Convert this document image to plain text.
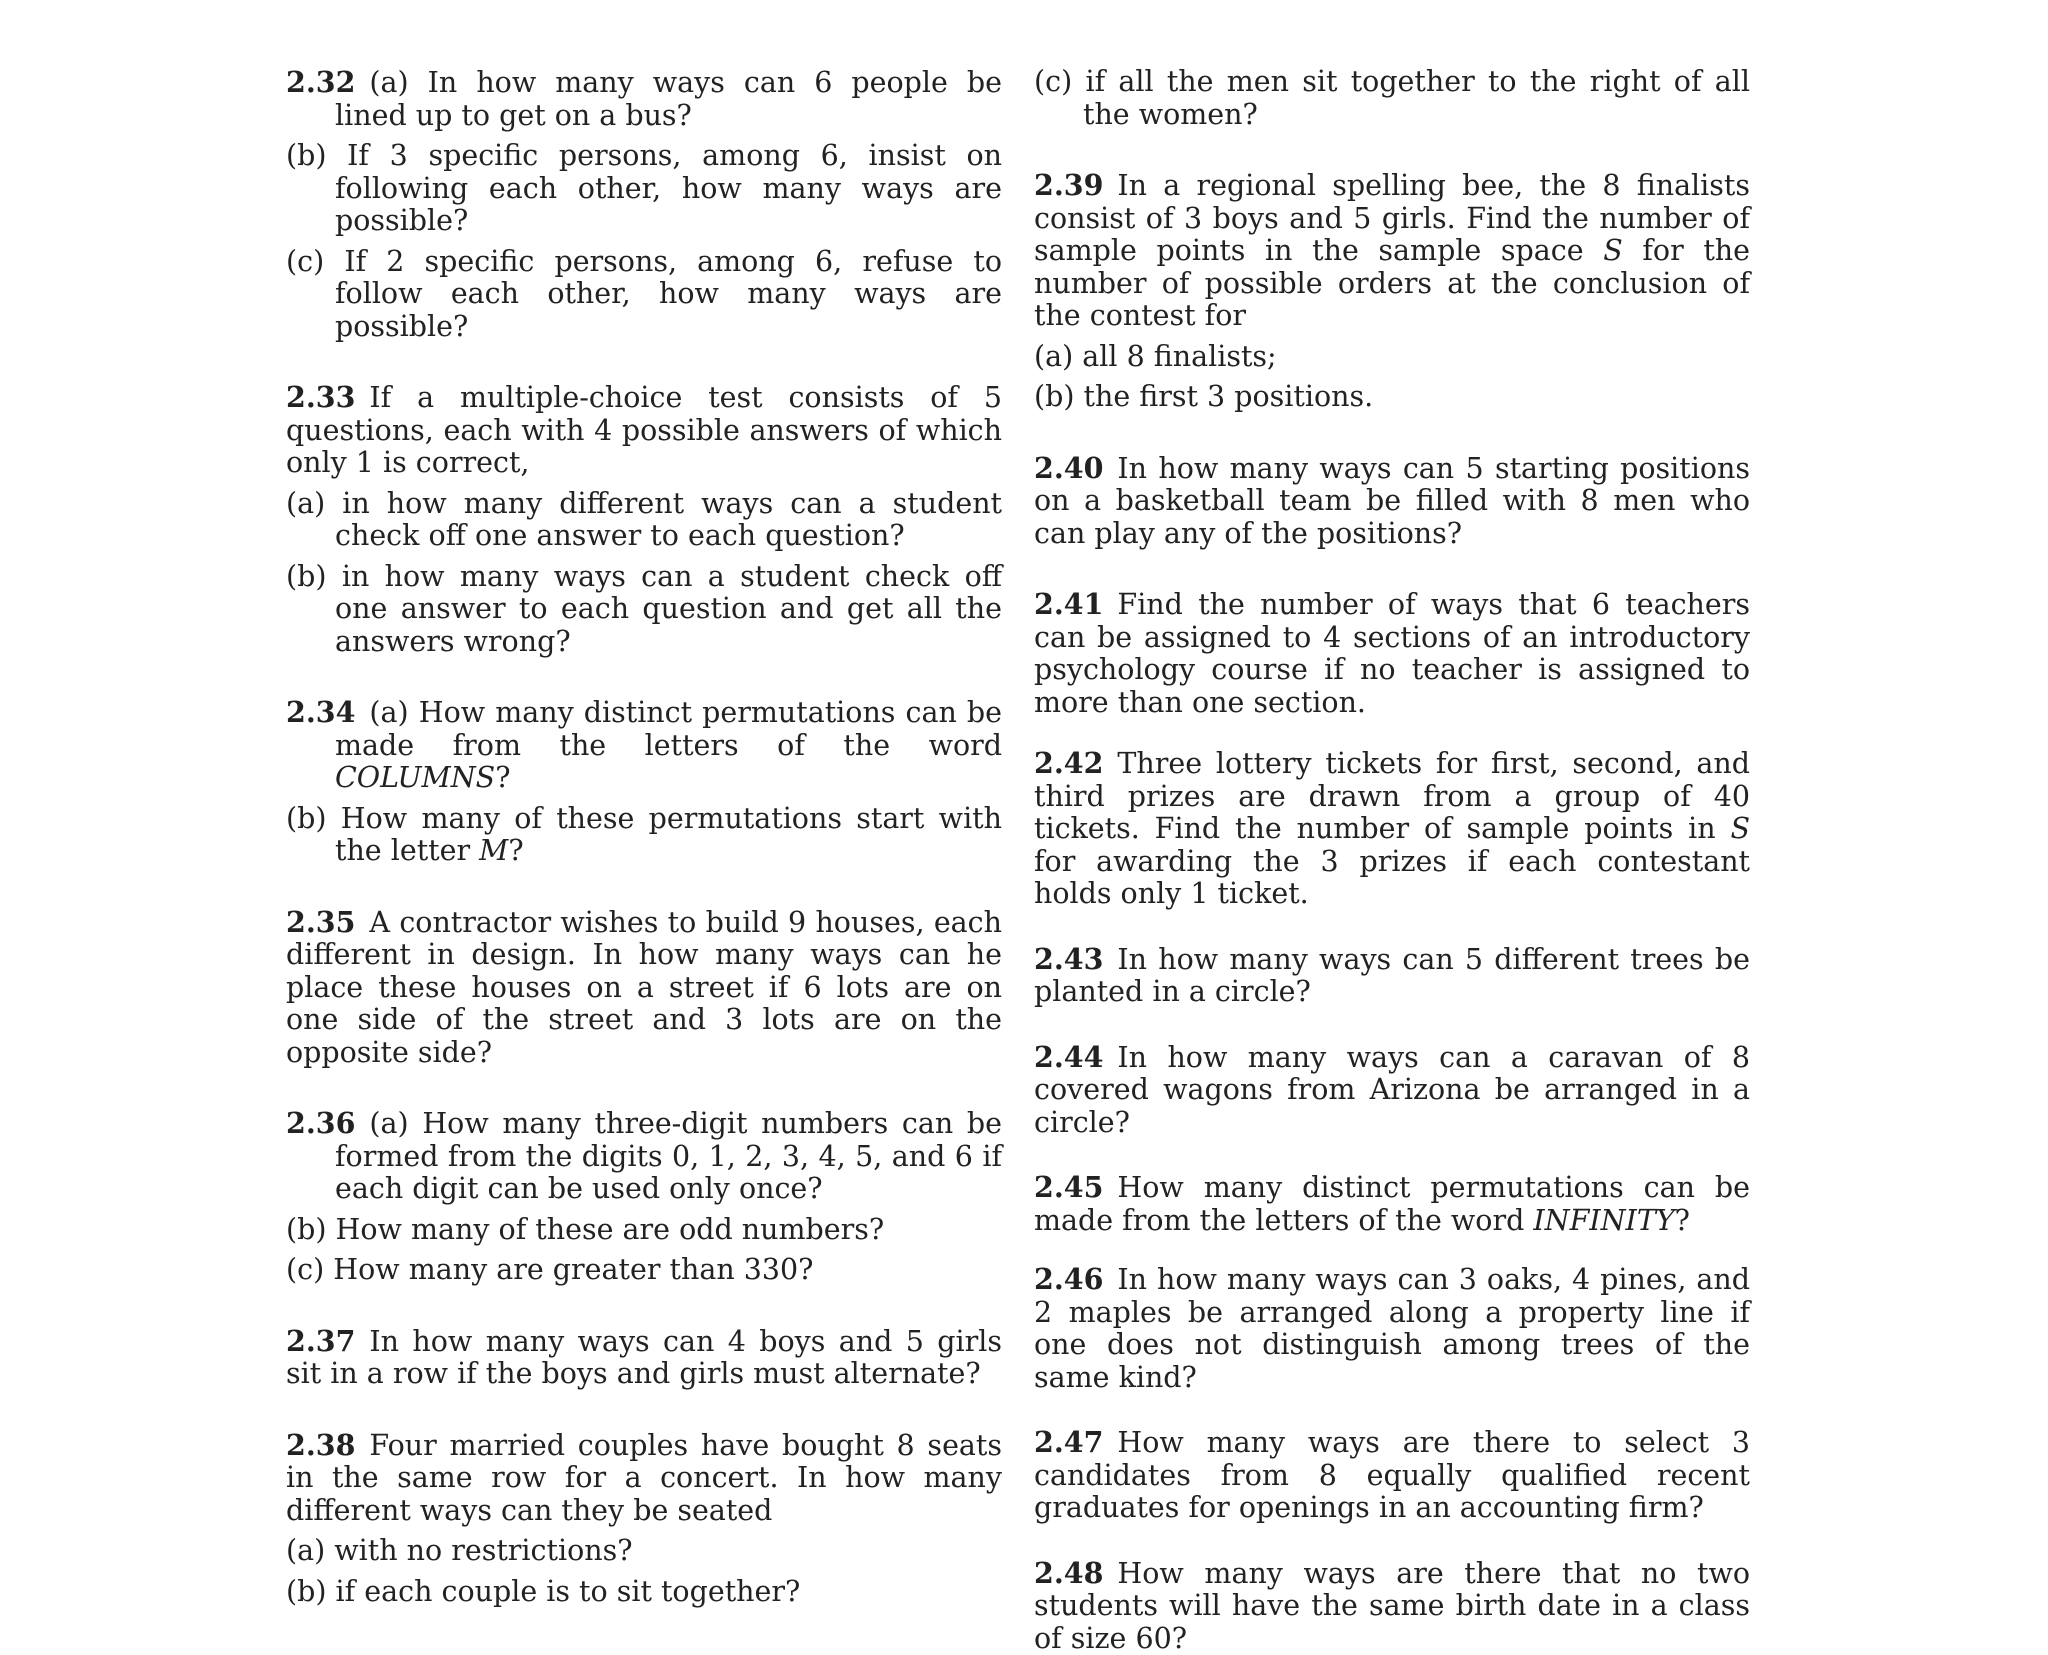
2.32 (a) In how many ways can 6 people be lined up to get on a bus?

(b) If 3 specific persons, among 6, insist on following each other, how many ways are possible?

(c) If 2 specific persons, among 6, refuse to follow each other, how many ways are possible?

2.33 If a multiple-choice test consists of 5 questions, each with 4 possible answers of which only 1 is correct,

(a) in how many different ways can a student check off one answer to each question?

(b) in how many ways can a student check off one answer to each question and get all the answers wrong?

2.34 (a) How many distinct permutations can be made from the letters of the word COLUMNS?

(b) How many of these permutations start with the letter M?

2.35 A contractor wishes to build 9 houses, each different in design. In how many ways can he place these houses on a street if 6 lots are on one side of the street and 3 lots are on the opposite side?

2.36 (a) How many three-digit numbers can be formed from the digits 0, 1, 2, 3, 4, 5, and 6 if each digit can be used only once?

(b) How many of these are odd numbers?

(c) How many are greater than 330?

2.37 In how many ways can 4 boys and 5 girls sit in a row if the boys and girls must alternate?

2.38 Four married couples have bought 8 seats in the same row for a concert. In how many different ways can they be seated

(a) with no restrictions?

(b) if each couple is to sit together?

(c) if all the men sit together to the right of all the women?

2.39 In a regional spelling bee, the 8 finalists consist of 3 boys and 5 girls. Find the number of sample points in the sample space S for the number of possible orders at the conclusion of the contest for

(a) all 8 finalists;

(b) the first 3 positions.

2.40 In how many ways can 5 starting positions on a basketball team be filled with 8 men who can play any of the positions?

2.41 Find the number of ways that 6 teachers can be assigned to 4 sections of an introductory psychology course if no teacher is assigned to more than one section.

2.42 Three lottery tickets for first, second, and third prizes are drawn from a group of 40 tickets. Find the number of sample points in S for awarding the 3 prizes if each contestant holds only 1 ticket.

2.43 In how many ways can 5 different trees be planted in a circle?

2.44 In how many ways can a caravan of 8 covered wagons from Arizona be arranged in a circle?

2.45 How many distinct permutations can be made from the letters of the word INFINITY?

2.46 In how many ways can 3 oaks, 4 pines, and 2 maples be arranged along a property line if one does not distinguish among trees of the same kind?

2.47 How many ways are there to select 3 candidates from 8 equally qualified recent graduates for openings in an accounting firm?

2.48 How many ways are there that no two students will have the same birth date in a class of size 60?
